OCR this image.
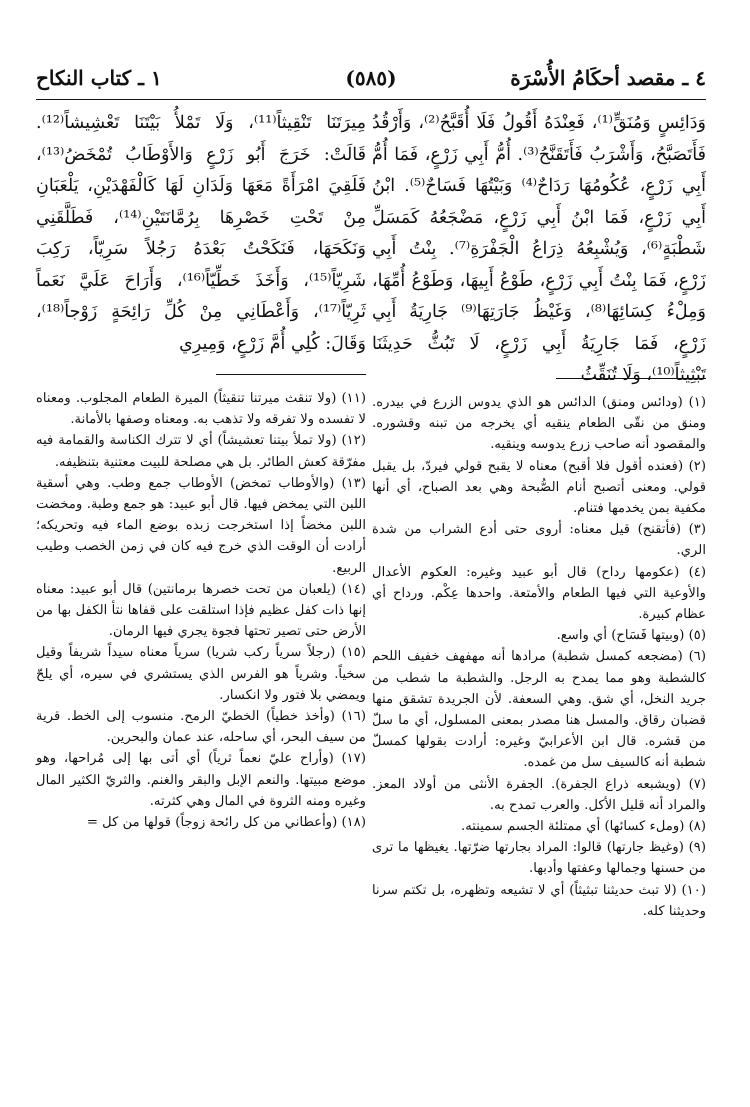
٤ ـ مقصد أحكَامُ الأُسْرَة
(٥٨٥)
١ ـ كتاب النكاح

وَدَائِسٍ وَمُنَقٍّ⁽¹⁾، فَعِنْدَهُ أَقُولُ فَلَا أُقَبَّحُ⁽²⁾، وَأَرْقُدُ فَأَتَصَبَّحُ، وَأَشْرَبُ فَأَتَقَنَّحُ⁽³⁾. أُمُّ أَبِي زَرْعٍ، فَمَا أُمُّ أَبِي زَرْعٍ، عُكُومُهَا رَدَاحٌ⁽⁴⁾ وَبَيْتُهَا فَسَاحٌ⁽⁵⁾. ابْنُ أَبِي زَرْعٍ، فَمَا ابْنُ أَبِي زَرْعٍ، مَضْجَعُهُ كَمَسَلِّ شَطْبَةٍ⁽⁶⁾، وَيُشْبِعُهُ ذِرَاعُ الْجَفْرَةِ⁽⁷⁾. بِنْتُ أَبِي زَرْعٍ، فَمَا بِنْتُ أَبِي زَرْعٍ، طَوْعُ أَبِيهَا، وَطَوْعُ أُمِّهَا، وَمِلْءُ كِسَائِهَا⁽⁸⁾، وَغَيْظُ جَارَتِهَا⁽⁹⁾ جَارِيَةُ أَبِي زَرْعٍ، فَمَا جَارِيَةُ أَبِي زَرْعٍ، لَا تَبُثُّ حَدِيثَنَا تَبْثِيثاً⁽¹⁰⁾، وَلَا تُنَقِّثُ

مِيرَتَنَا تَنْقِيثاً⁽¹¹⁾، وَلَا تَمْلأُ بَيْتَنَا تَعْشِيشاً⁽¹²⁾. قَالَتْ: خَرَجَ أَبُو زَرْعٍ وَالأَوْطَابُ تُمْخَضُ⁽¹³⁾، فَلَقِيَ امْرَأَةً مَعَهَا وَلَدَانِ لَهَا كَالْفَهْدَيْنِ، يَلْعَبَانِ مِنْ تَحْتِ خَصْرِهَا بِرُمَّانَتَيْنِ⁽¹⁴⁾، فَطَلَّقَنِي وَنَكَحَهَا، فَنَكَحْتُ بَعْدَهُ رَجُلاً سَرِيّاً، رَكِبَ شَرِيّاً⁽¹⁵⁾، وَأَخَذَ خَطِّيّاً⁽¹⁶⁾، وَأَرَاحَ عَلَيَّ نَعَماً ثَرِيّاً⁽¹⁷⁾، وَأَعْطَانِي مِنْ كُلِّ رَائِحَةٍ زَوْجاً⁽¹⁸⁾، وَقَالَ: كُلِي أُمَّ زَرْعٍ، وَمِيرِي

(١) (ودائس ومنق) الدائس هو الذي يدوس الزرع في بيدره. ومنق من نقّى الطعام ينقيه أي يخرجه من تبنه وقشوره. والمقصود أنه صاحب زرع يدوسه وينقيه.

(٢) (فعنده أقول فلا أقبح) معناه لا يقبح قولي فيردّ، بل يقبل قولي. ومعنى أتصبح أنام الصُّبحة وهي بعد الصباح، أي أنها مكفية بمن يخدمها فتنام.

(٣) (فأتقنح) قيل معناه: أروى حتى أدع الشراب من شدة الري.

(٤) (عكومها رداح) قال أبو عبيد وغيره: العكوم الأعدال والأوعية التي فيها الطعام والأمتعة. واحدها عِكْم. ورداح أي عظام كبيرة.

(٥) (وبيتها فَسَاح) أي واسع.

(٦) (مضجعه كمسل شطبة) مرادها أنه مهفهف خفيف اللحم كالشطبة وهو مما يمدح به الرجل. والشطبة ما شطب من جريد النخل، أي شق. وهي السعفة. لأن الجريدة تشقق منها قضبان رقاق. والمسل هنا مصدر بمعنى المسلول، أي ما سلّ من قشره. قال ابن الأعرابيّ وغيره: أرادت بقولها كمسلّ شطبة أنه كالسيف سل من غمده.

(٧) (ويشبعه ذراع الجفرة). الجفرة الأنثى من أولاد المعز. والمراد أنه قليل الأكل. والعرب تمدح به.

(٨) (وملء كسائها) أي ممتلئة الجسم سمينته.

(٩) (وغيظ جارتها) قالوا: المراد بجارتها ضرّتها. يغيظها ما ترى من حسنها وجمالها وعفتها وأدبها.

(١٠) (لا تبث حديثنا تبثيثاً) أي لا تشيعه وتظهره، بل تكتم سرنا وحديثنا كله.

(١١) (ولا تنقث ميرتنا تنقيثاً) الميرة الطعام المجلوب. ومعناه لا تفسده ولا تفرقه ولا تذهب به. ومعناه وصفها بالأمانة.

(١٢) (ولا تملأ بيتنا تعشيشاً) أي لا تترك الكناسة والقمامة فيه مفرّقة كعش الطائر. بل هي مصلحة للبيت معتنية بتنظيفه.

(١٣) (والأوطاب تمخض) الأوطاب جمع وطب. وهي أسقية اللبن التي يمخض فيها. قال أبو عبيد: هو جمع وطبة. ومخضت اللبن مخضاً إذا استخرجت زبده بوضع الماء فيه وتحريكه؛ أرادت أن الوقت الذي خرج فيه كان في زمن الخصب وطيب الربيع.

(١٤) (يلعبان من تحت خصرها برمانتين) قال أبو عبيد: معناه إنها ذات كفل عظيم فإذا استلقت على قفاها نتأ الكفل بها من الأرض حتى تصير تحتها فجوة يجري فيها الرمان.

(١٥) (رجلاً سرياً ركب شريا) سرياً معناه سيداً شريفاً وقيل سخياً. وشرياً هو الفرس الذي يستشري في سيره، أي يلحّ ويمضي بلا فتور ولا انكسار.

(١٦) (وأخذ خطياً) الخطيّ الرمح. منسوب إلى الخط. قرية من سيف البحر، أي ساحله، عند عمان والبحرين.

(١٧) (وأراح عليّ نعماً ثرياً) أي أتى بها إلى مُراحها، وهو موضع مبيتها. والنعم الإبل والبقر والغنم. والثريّ الكثير المال وغيره ومنه الثروة في المال وهي كثرته.

(١٨) (وأعطاني من كل رائحة زوجاً) قولها من كل =
